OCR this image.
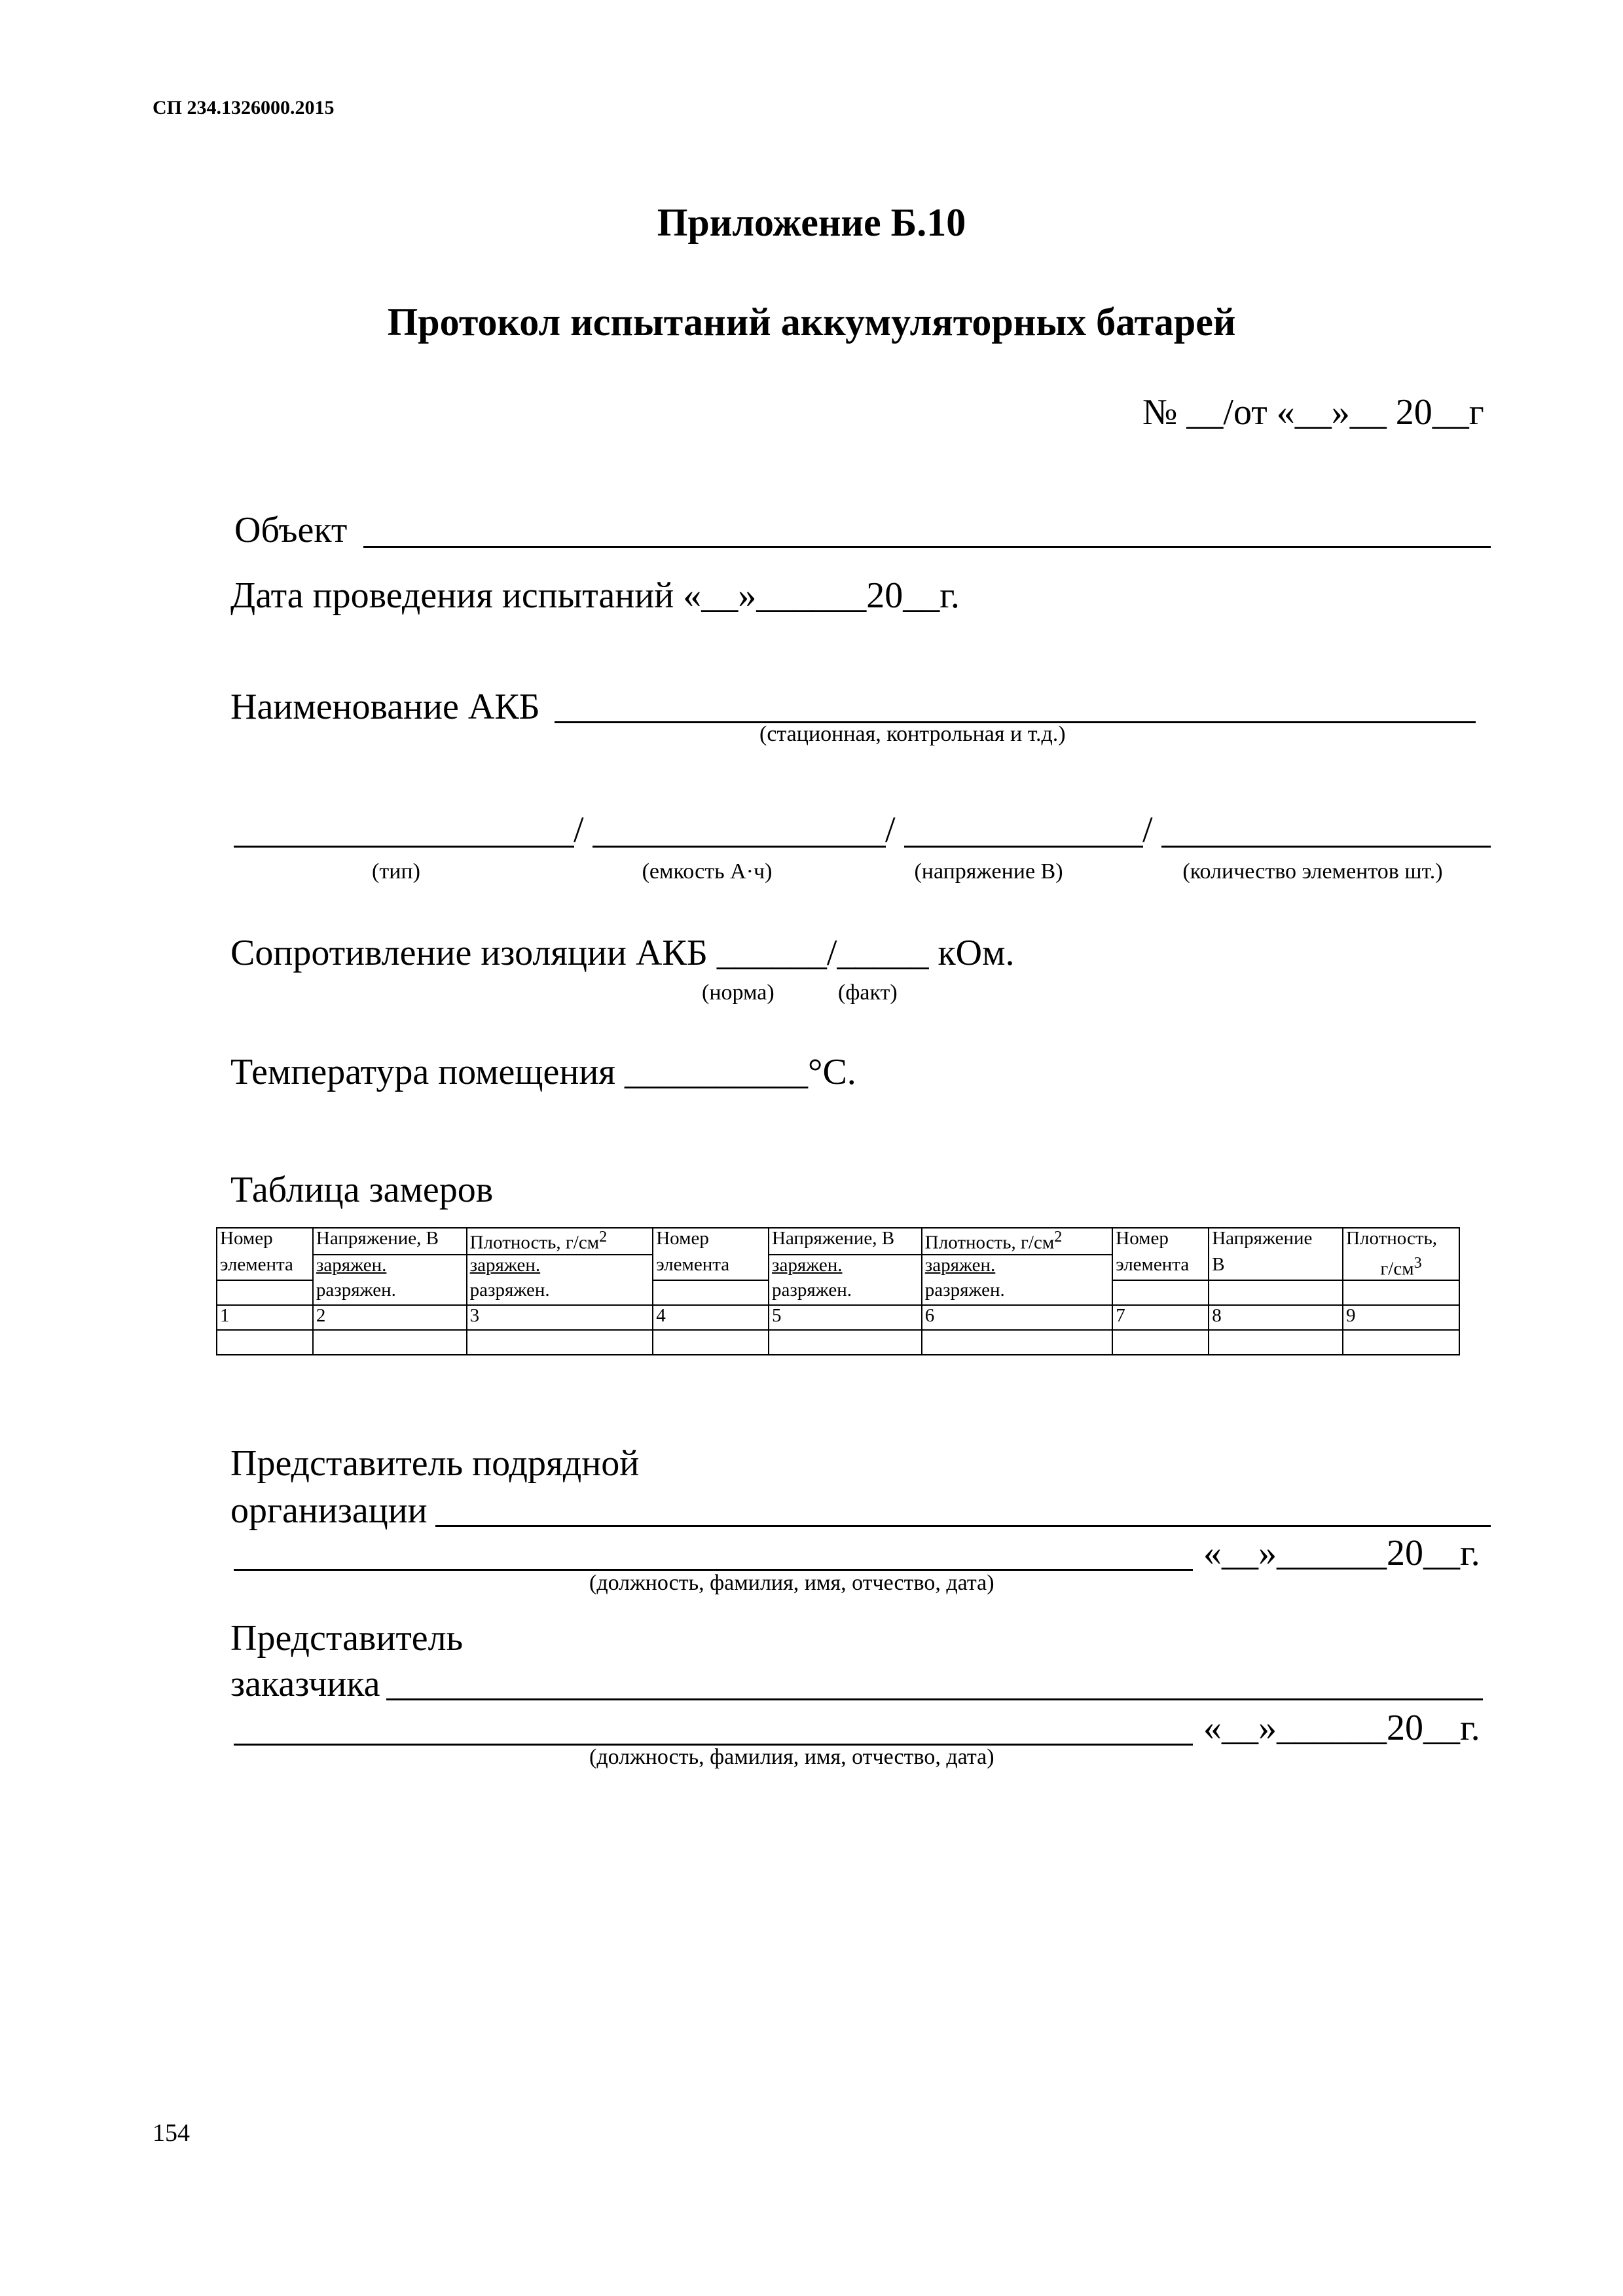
СП 234.1326000.2015
Приложение Б.10
Протокол испытаний аккумуляторных батарей
№ __/от «__»__ 20__г
Объект
Дата проведения испытаний «__»______20__г.
Наименование АКБ
(стационная, контрольная и т.д.)
/	/	/
(тип)	(емкость А·ч)	(напряжение В)	(количество элементов шт.)
Сопротивление изоляции АКБ ______/_____ кОм.
(норма)	(факт)
Температура помещения __________°С.
Таблица замеров
Номер	Напряжение, В	Плотность, $г/см^2$	Номер	Напряжение, В	Плотность, $г/см^2$	Номер	Напряжение	Плотность,
элемента	заряжен.	заряжен.	элемента	заряжен.	заряжен.	элемента	В	$г/см^3$
	разряжен.	разряжен.		разряжен.	разряжен.			
1	2	3	4	5	6	7	8	9

Представитель подрядной
организации
«__»______20__г.
(должность, фамилия, имя, отчество, дата)
Представитель
заказчика
«__»______20__г.
(должность, фамилия, имя, отчество, дата)
154
